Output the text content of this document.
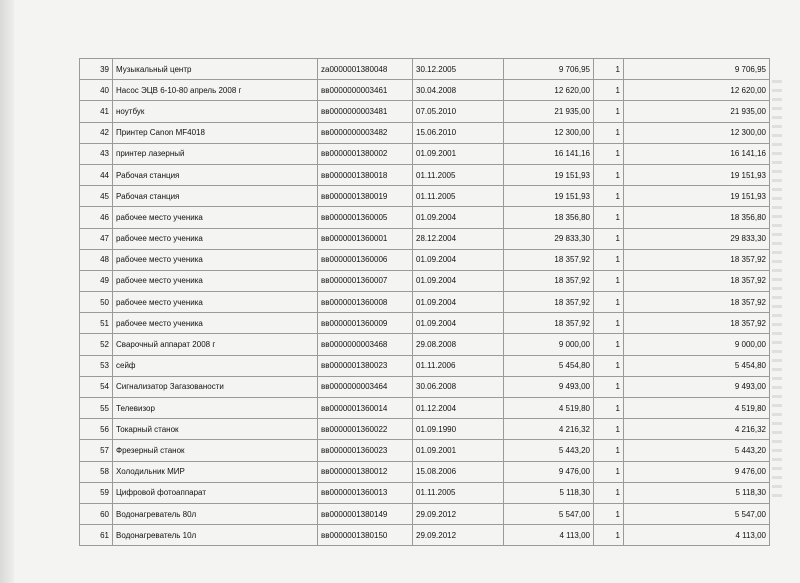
39	Музыкальный центр	za0000001380048	30.12.2005	9 706,95	1	9 706,95
40	Насос ЭЦВ 6-10-80 апрель 2008 г	вв0000000003461	30.04.2008	12 620,00	1	12 620,00
41	ноутбук	вв0000000003481	07.05.2010	21 935,00	1	21 935,00
42	Принтер Canon MF4018	вв0000000003482	15.06.2010	12 300,00	1	12 300,00
43	принтер лазерный	вв0000001380002	01.09.2001	16 141,16	1	16 141,16
44	Рабочая станция	вв0000001380018	01.11.2005	19 151,93	1	19 151,93
45	Рабочая станция	вв0000001380019	01.11.2005	19 151,93	1	19 151,93
46	рабочее место ученика	вв0000001360005	01.09.2004	18 356,80	1	18 356,80
47	рабочее место ученика	вв0000001360001	28.12.2004	29 833,30	1	29 833,30
48	рабочее место ученика	вв0000001360006	01.09.2004	18 357,92	1	18 357,92
49	рабочее место ученика	вв0000001360007	01.09.2004	18 357,92	1	18 357,92
50	рабочее место ученика	вв0000001360008	01.09.2004	18 357,92	1	18 357,92
51	рабочее место ученика	вв0000001360009	01.09.2004	18 357,92	1	18 357,92
52	Сварочный аппарат 2008 г	вв0000000003468	29.08.2008	9 000,00	1	9 000,00
53	сейф	вв0000001380023	01.11.2006	5 454,80	1	5 454,80
54	Сигнализатор Загазованости	вв0000000003464	30.06.2008	9 493,00	1	9 493,00
55	Телевизор	вв0000001360014	01.12.2004	4 519,80	1	4 519,80
56	Токарный станок	вв0000001360022	01.09.1990	4 216,32	1	4 216,32
57	Фрезерный станок	вв0000001360023	01.09.2001	5 443,20	1	5 443,20
58	Холодильник МИР	вв0000001380012	15.08.2006	9 476,00	1	9 476,00
59	Цифровой фотоаппарат	вв0000001360013	01.11.2005	5 118,30	1	5 118,30
60	Водонагреватель 80л	вв0000001380149	29.09.2012	5 547,00	1	5 547,00
61	Водонагреватель 10л	вв0000001380150	29.09.2012	4 113,00	1	4 113,00
